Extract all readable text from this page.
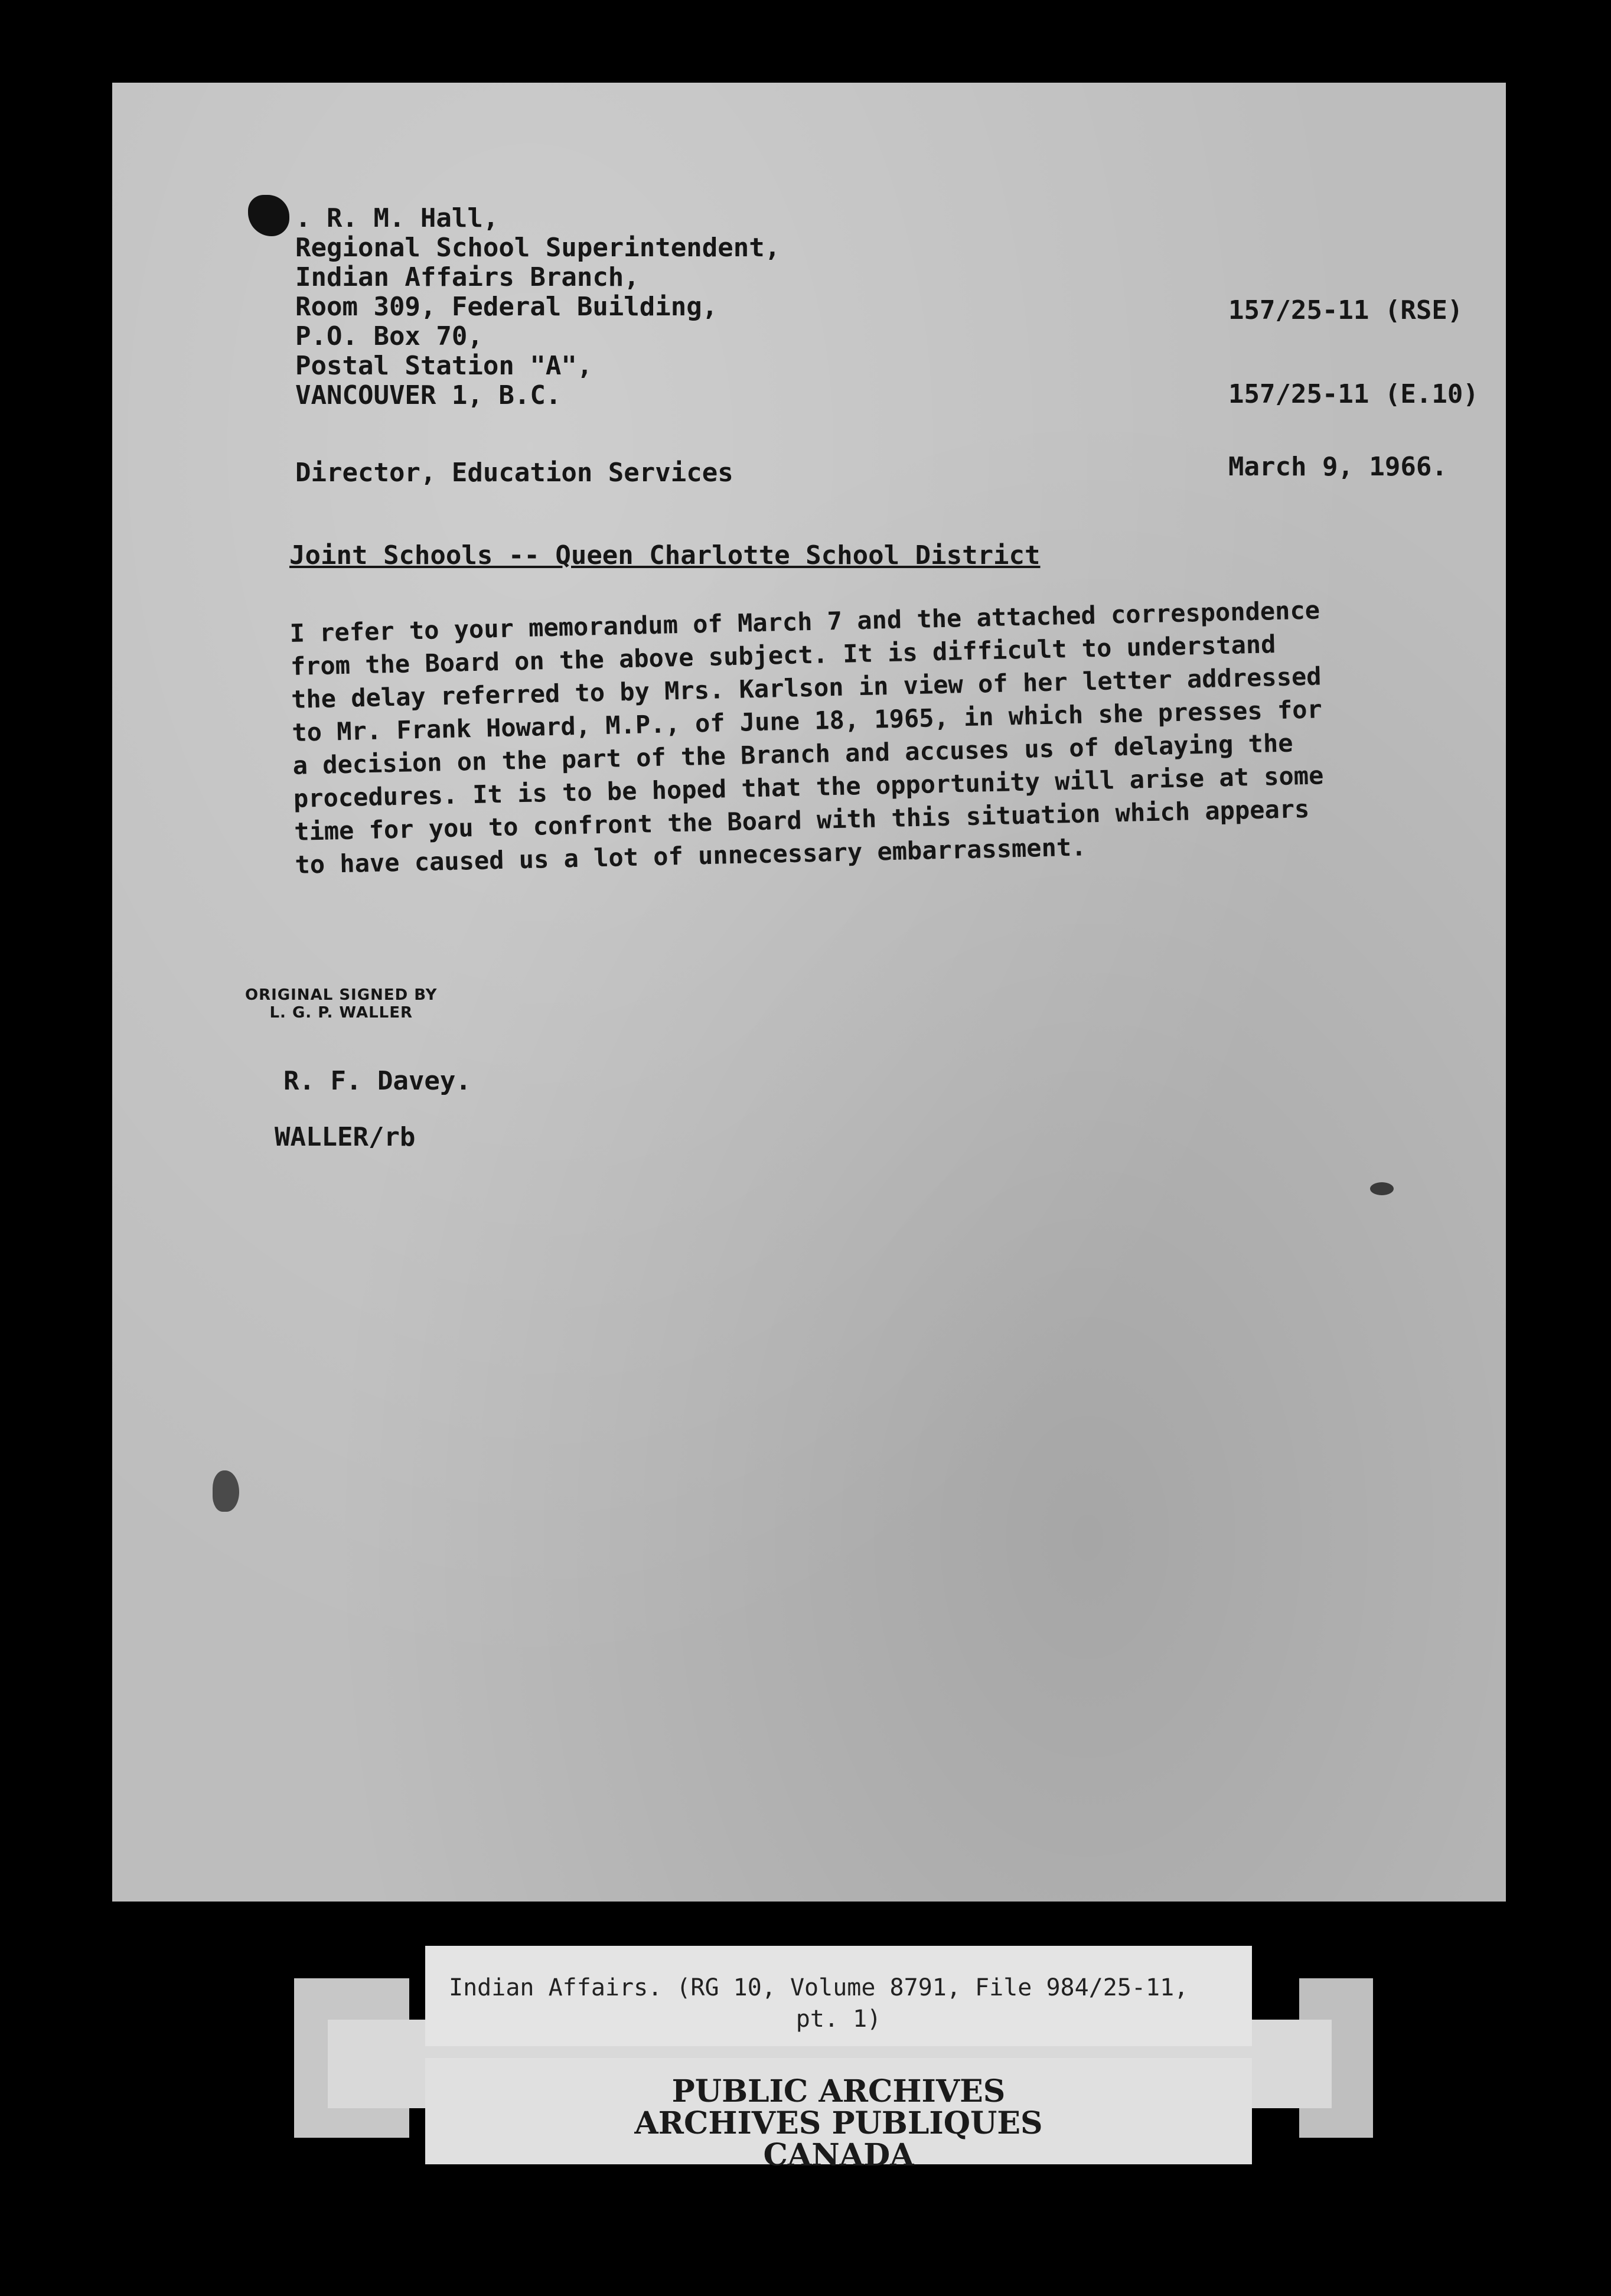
. R. M. Hall,
Regional School Superintendent,
Indian Affairs Branch,
Room 309, Federal Building,
P.O. Box 70,
Postal Station "A",
VANCOUVER 1, B.C.
157/25-11 (RSE)
157/25-11 (E.10)
Director, Education Services	March 9, 1966.
Joint Schools -- Queen Charlotte School District
I refer to your memorandum of March 7 and the attached correspondence from the Board on the above subject. It is difficult to understand the delay referred to by Mrs. Karlson in view of her letter addressed to Mr. Frank Howard, M.P., of June 18, 1965, in which she presses for a decision on the part of the Branch and accuses us of delaying the procedures. It is to be hoped that the opportunity will arise at some time for you to confront the Board with this situation which appears to have caused us a lot of unnecessary embarrassment.
ORIGINAL SIGNED BY
L. G. P. WALLER
R. F. Davey.
WALLER/rb
Indian Affairs. (RG 10, Volume 8791, File 984/25-11,
pt. 1)
PUBLIC ARCHIVES
ARCHIVES PUBLIQUES
CANADA
